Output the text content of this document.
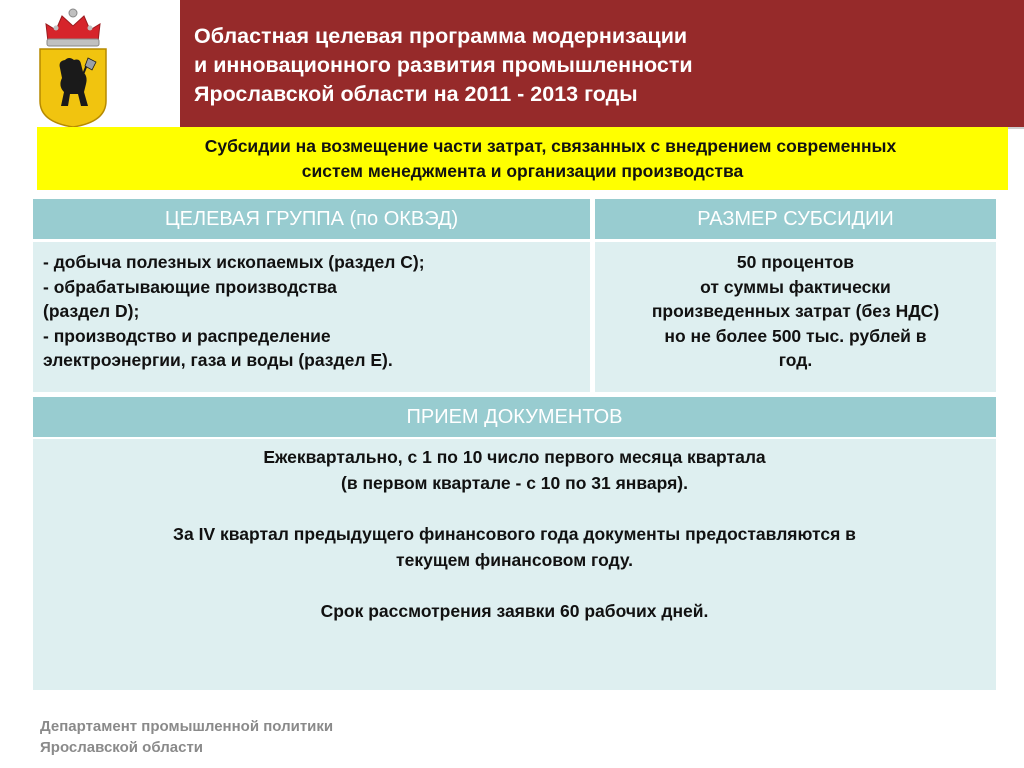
Областная целевая программа модернизации
и инновационного развития промышленности
Ярославской области на 2011 - 2013 годы
Субсидии на возмещение части затрат, связанных с внедрением современных
систем менеджмента и организации производства
ЦЕЛЕВАЯ ГРУППА (по ОКВЭД)	РАЗМЕР СУБСИДИИ
- добыча полезных ископаемых (раздел С);
- обрабатывающие производства
(раздел D);
- производство и распределение
электроэнергии, газа и воды (раздел Е).
50 процентов
от суммы фактически
произведенных затрат (без НДС)
но не более 500 тыс. рублей в
год.
ПРИЕМ ДОКУМЕНТОВ
Ежеквартально, с 1 по 10 число первого месяца квартала
(в первом квартале - с 10 по 31 января).
За IV квартал предыдущего финансового года документы предоставляются в
текущем финансовом году.
Срок рассмотрения заявки 60 рабочих дней.
Департамент промышленной политики
Ярославской области
